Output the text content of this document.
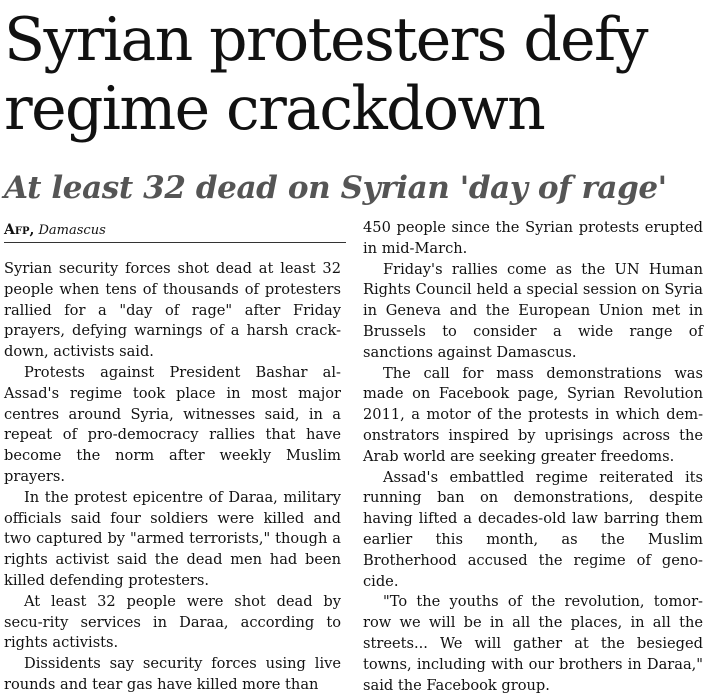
Syrian protesters defy regime crackdown
At least 32 dead on Syrian 'day of rage'
Afp, Damascus

Syrian security forces shot dead at least 32 people when tens of thousands of protesters rallied for a "day of rage" after Friday prayers, defying warnings of a harsh crack-down, activists said.

Protests against President Bashar al-Assad's regime took place in most major centres around Syria, witnesses said, in a repeat of pro-democracy rallies that have become the norm after weekly Muslim prayers.

In the protest epicentre of Daraa, military officials said four soldiers were killed and two captured by "armed terrorists," though a rights activist said the dead men had been killed defending protesters.

At least 32 people were shot dead by secu-rity services in Daraa, according to rights activists.

Dissidents say security forces using live rounds and tear gas have killed more than

450 people since the Syrian protests erupted in mid-March.

Friday's rallies come as the UN Human Rights Council held a special session on Syria in Geneva and the European Union met in Brussels to consider a wide range of sanctions against Damascus.

The call for mass demonstrations was made on Facebook page, Syrian Revolution 2011, a motor of the protests in which dem-onstrators inspired by uprisings across the Arab world are seeking greater freedoms.

Assad's embattled regime reiterated its running ban on demonstrations, despite having lifted a decades-old law barring them earlier this month, as the Muslim Brotherhood accused the regime of geno-cide.

"To the youths of the revolution, tomor-row we will be in all the places, in all the streets... We will gather at the besieged towns, including with our brothers in Daraa," said the Facebook group.
